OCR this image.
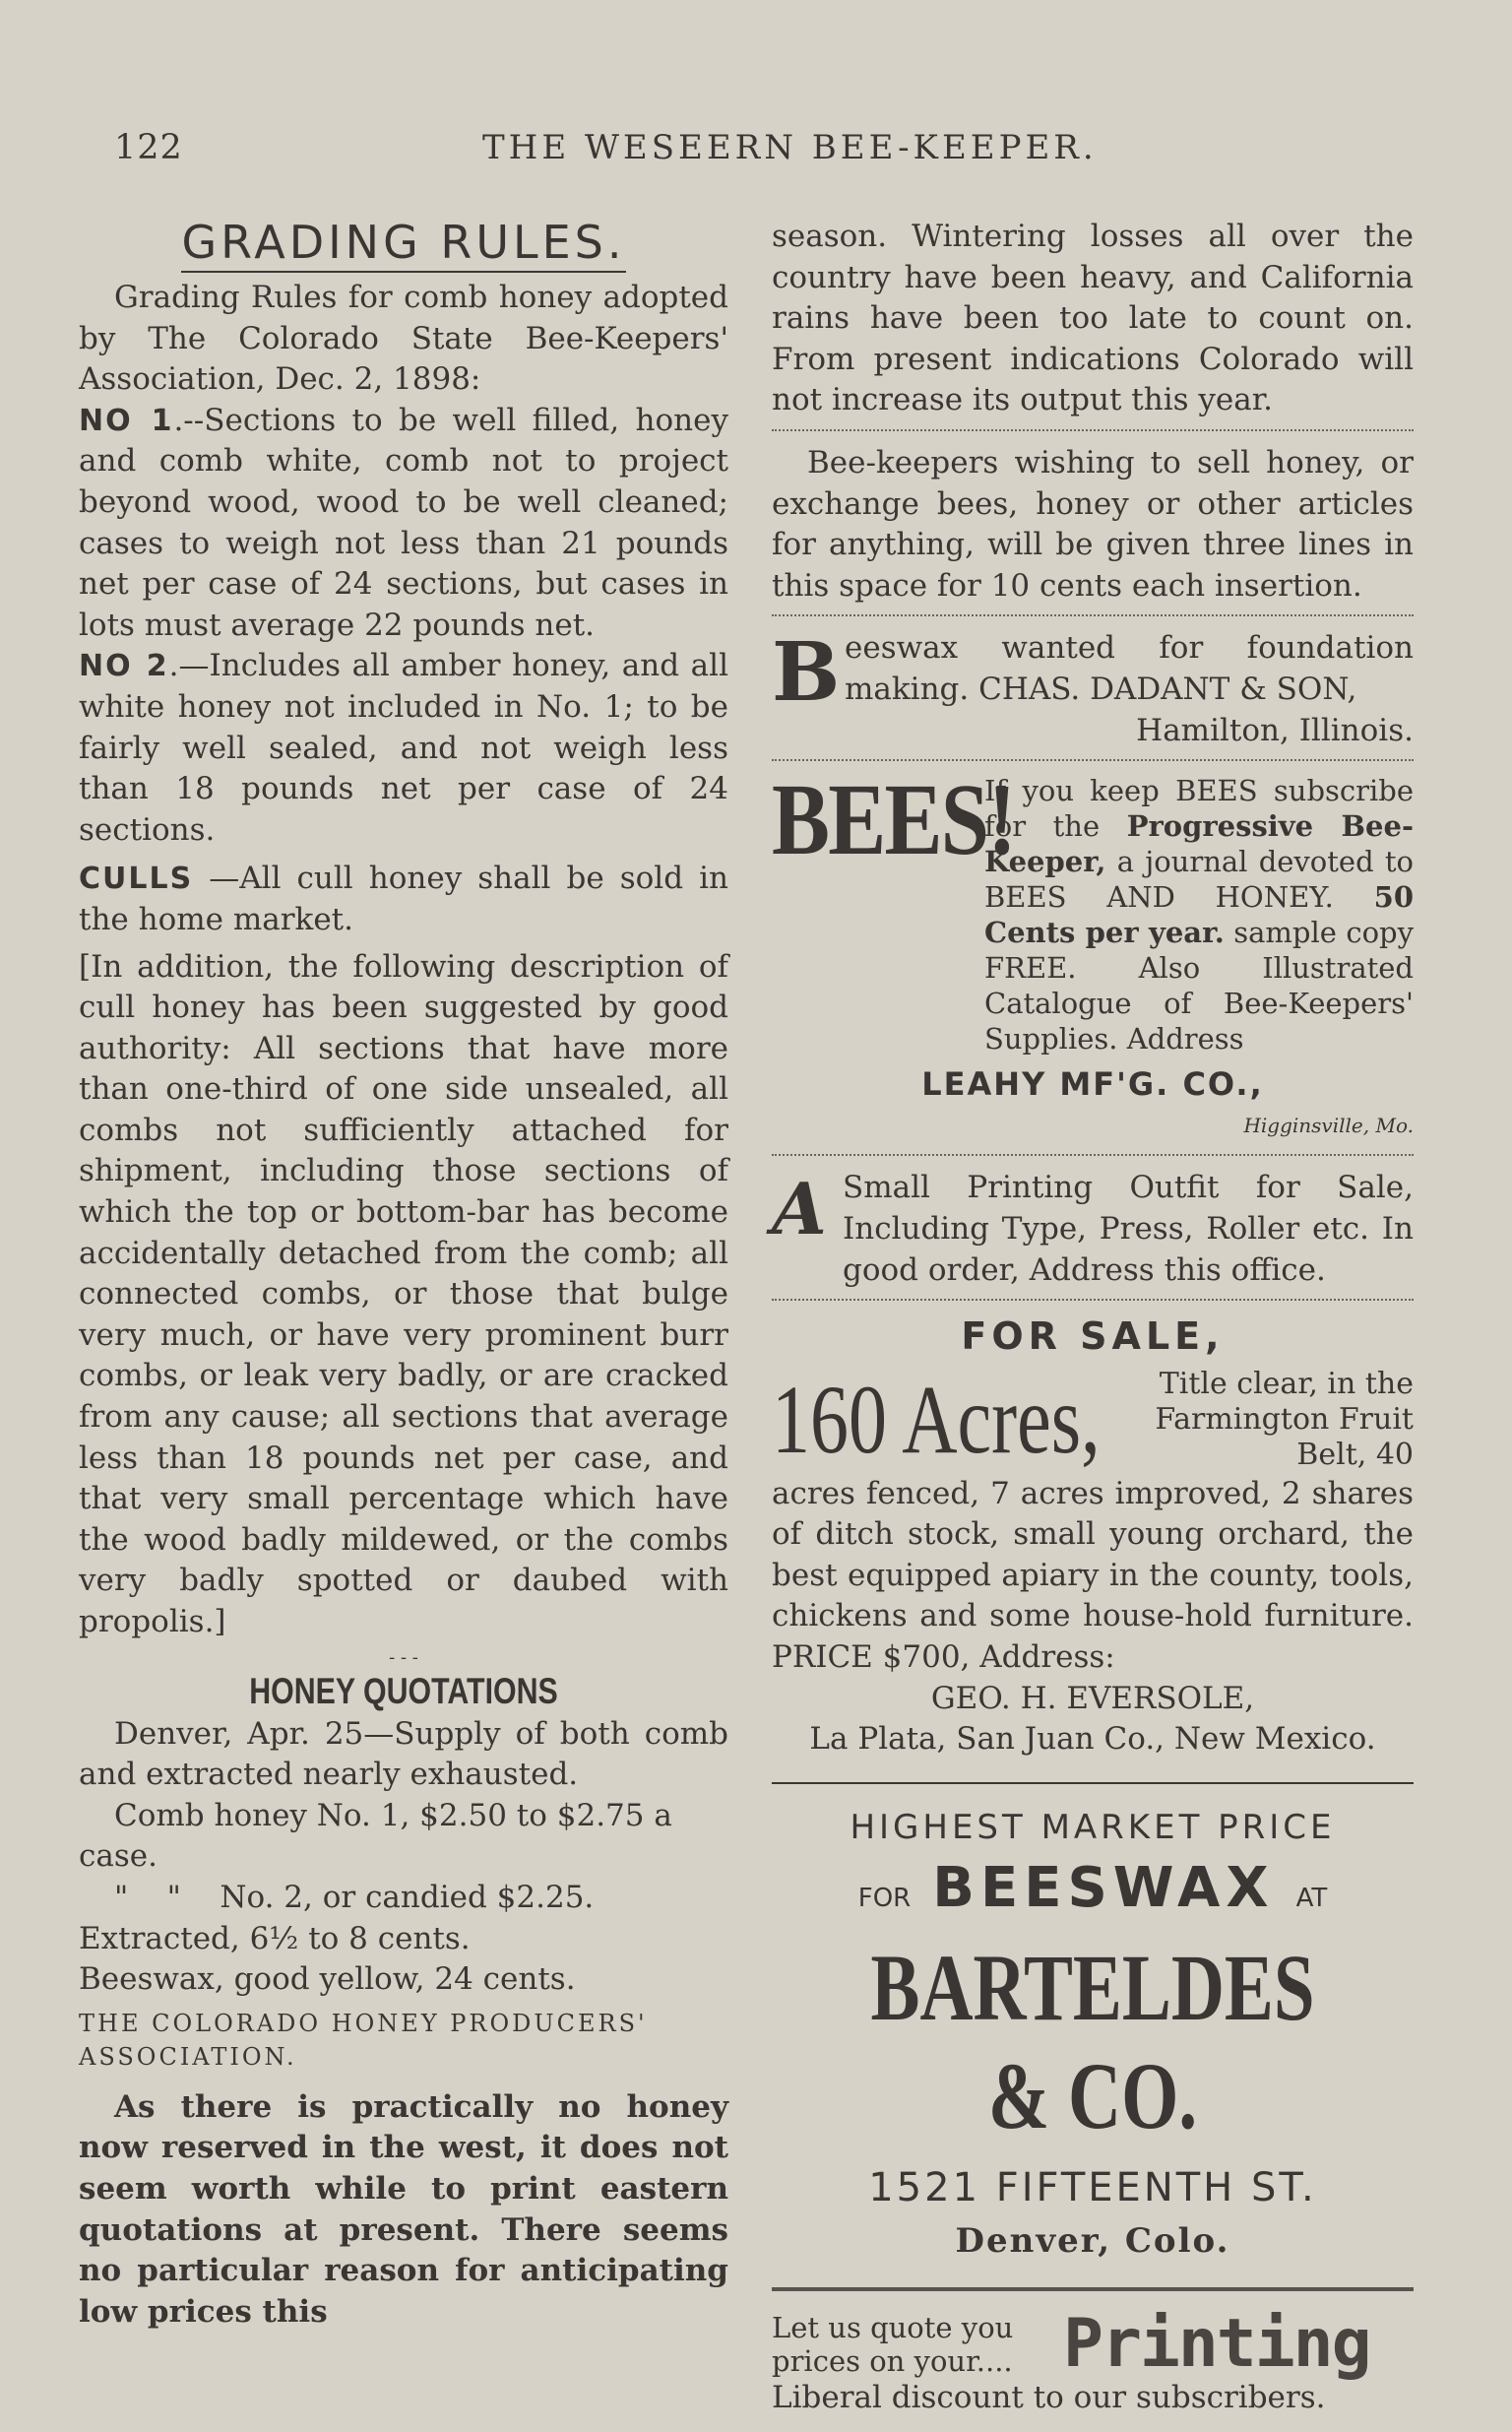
122	THE WESEERN BEE-KEEPER.
GRADING RULES.

Grading Rules for comb honey adopted by The Colorado State Bee-Keepers' Association, Dec. 2, 1898:

NO 1.--Sections to be well filled, honey and comb white, comb not to project beyond wood, wood to be well cleaned; cases to weigh not less than 21 pounds net per case of 24 sections, but cases in lots must average 22 pounds net.

NO 2.—Includes all amber honey, and all white honey not included in No. 1; to be fairly well sealed, and not weigh less than 18 pounds net per case of 24 sections.

CULLS —All cull honey shall be sold in the home market.

[In addition, the following description of cull honey has been suggested by good authority: All sections that have more than one-third of one side unsealed, all combs not sufficiently attached for shipment, including those sections of which the top or bottom-bar has become accidentally detached from the comb; all connected combs, or those that bulge very much, or have very prominent burr combs, or leak very badly, or are cracked from any cause; all sections that average less than 18 pounds net per case, and that very small percentage which have the wood badly mildewed, or the combs very badly spotted or daubed with propolis.]

- - -
HONEY QUOTATIONS

Denver, Apr. 25—Supply of both comb and extracted nearly exhausted.

Comb honey No. 1, $2.50 to $2.75 a case.

"    "    No. 2, or candied $2.25.

Extracted, 6½ to 8 cents.

Beeswax, good yellow, 24 cents.

THE COLORADO HONEY PRODUCERS' ASSOCIATION.

As there is practically no honey now reserved in the west, it does not seem worth while to print eastern quotations at present. There seems no particular reason for anticipating low prices this

season. Wintering losses all over the country have been heavy, and California rains have been too late to count on. From present indications Colorado will not increase its output this year.

Bee-keepers wishing to sell honey, or exchange bees, honey or other articles for anything, will be given three lines in this space for 10 cents each insertion.

B eeswax wanted for foundation making. CHAS. DADANT & SON,

Hamilton, Illinois.

BEES!
If you keep BEES subscribe for the Progressive Bee-Keeper, a journal devoted to BEES AND HONEY. 50 Cents per year. sample copy FREE. Also Illustrated Catalogue of Bee-Keepers' Supplies. Address

LEAHY MF'G. CO.,

Higginsville, Mo.

A Small Printing Outfit for Sale, Including Type, Press, Roller etc. In good order, Address this office.

FOR SALE,
160 Acres, Title clear, in the Farmington Fruit Belt, 40

acres fenced, 7 acres improved, 2 shares of ditch stock, small young orchard, the best equipped apiary in the county, tools, chickens and some house-hold furniture. PRICE $700, Address:

GEO. H. EVERSOLE,

La Plata, San Juan Co., New Mexico.

HIGHEST MARKET PRICE
FOR BEESWAX AT
BARTELDES & CO.
1521 FIFTEENTH ST.
Denver, Colo.
Let us quote you prices on your.... Printing

Liberal discount to our subscribers.
